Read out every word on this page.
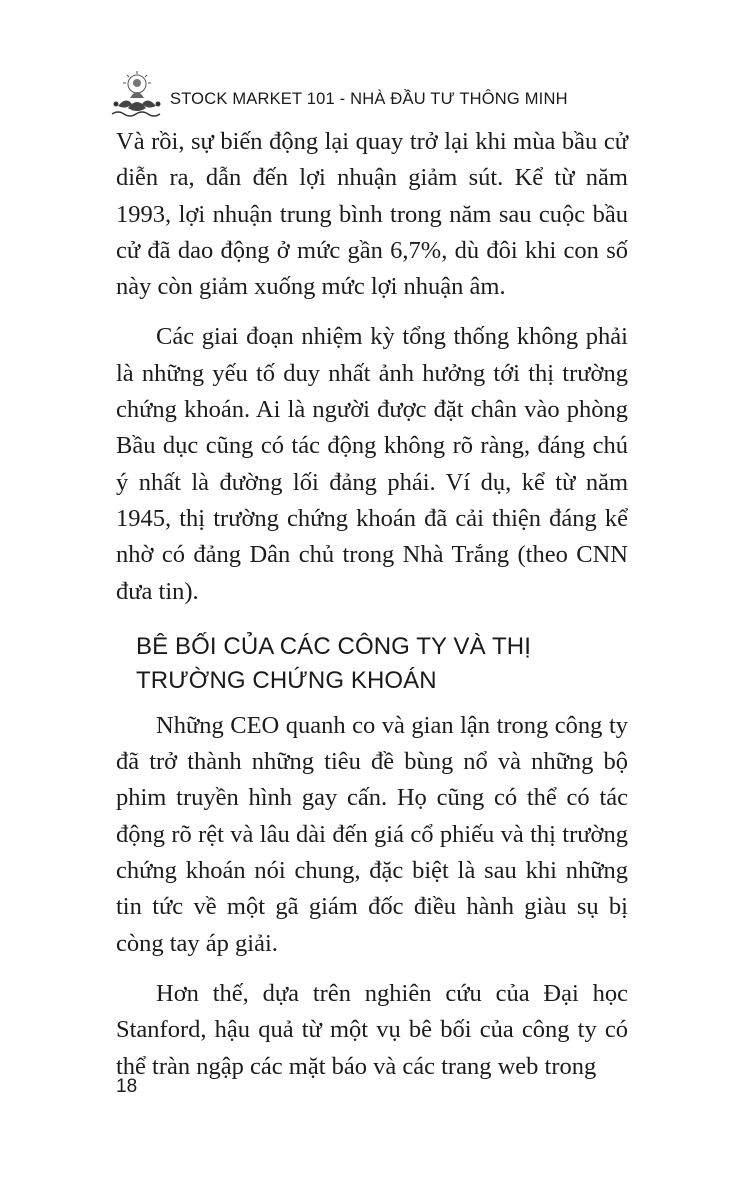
STOCK MARKET 101 - NHÀ ĐẦU TƯ THÔNG MINH

Và rồi, sự biến động lại quay trở lại khi mùa bầu cử diễn ra, dẫn đến lợi nhuận giảm sút. Kể từ năm 1993, lợi nhuận trung bình trong năm sau cuộc bầu cử đã dao động ở mức gần 6,7%, dù đôi khi con số này còn giảm xuống mức lợi nhuận âm.

Các giai đoạn nhiệm kỳ tổng thống không phải là những yếu tố duy nhất ảnh hưởng tới thị trường chứng khoán. Ai là người được đặt chân vào phòng Bầu dục cũng có tác động không rõ ràng, đáng chú ý nhất là đường lối đảng phái. Ví dụ, kể từ năm 1945, thị trường chứng khoán đã cải thiện đáng kể nhờ có đảng Dân chủ trong Nhà Trắng (theo CNN đưa tin).

BÊ BỐI CỦA CÁC CÔNG TY VÀ THỊ TRƯỜNG CHỨNG KHOÁN

Những CEO quanh co và gian lận trong công ty đã trở thành những tiêu đề bùng nổ và những bộ phim truyền hình gay cấn. Họ cũng có thể có tác động rõ rệt và lâu dài đến giá cổ phiếu và thị trường chứng khoán nói chung, đặc biệt là sau khi những tin tức về một gã giám đốc điều hành giàu sụ bị còng tay áp giải.

Hơn thế, dựa trên nghiên cứu của Đại học Stanford, hậu quả từ một vụ bê bối của công ty có thể tràn ngập các mặt báo và các trang web trong

18
